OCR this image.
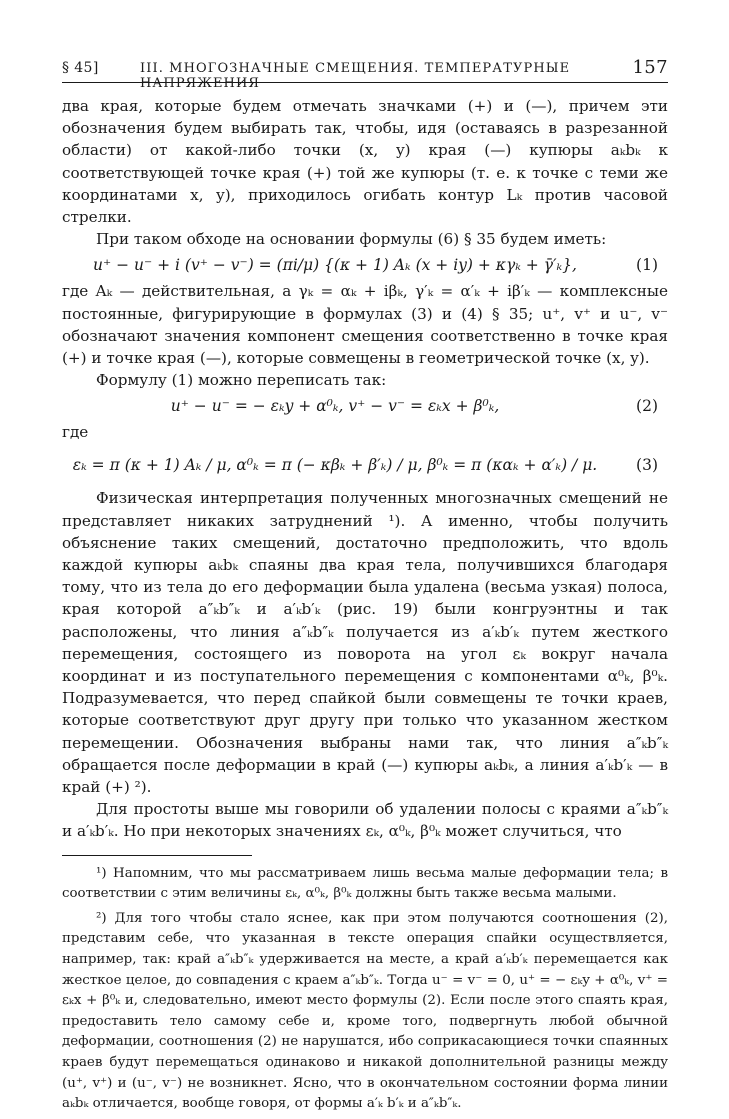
§ 45]	III. МНОГОЗНАЧНЫЕ СМЕЩЕНИЯ. ТЕМПЕРАТУРНЫЕ НАПРЯЖЕНИЯ
157

два края, которые будем отмечать значками (+) и (—), причем эти обозначения будем выбирать так, чтобы, идя (оставаясь в разрезанной области) от какой-либо точки (x, y) края (—) купюры aₖbₖ к соответствующей точке края (+) той же купюры (т. е. к точке с теми же координатами x, y), приходилось огибать контур Lₖ против часовой стрелки.

При таком обходе на основании формулы (6) § 35 будем иметь:

u⁺ − u⁻ + i (v⁺ − v⁻) = (πi/μ) {(κ + 1) Aₖ (x + iy) + κγₖ + γ̄′ₖ},	(1)

где Aₖ — действительная, а γₖ = αₖ + iβₖ, γ′ₖ = α′ₖ + iβ′ₖ — комплексные постоянные, фигурирующие в формулах (3) и (4) § 35; u⁺, v⁺ и u⁻, v⁻ обозначают значения компонент смещения соответственно в точке края (+) и точке края (—), которые совмещены в геометрической точке (x, y).

Формулу (1) можно переписать так:

u⁺ − u⁻ = − εₖy + α⁰ₖ, v⁺ − v⁻ = εₖx + β⁰ₖ,	(2)
где
εₖ = π (κ + 1) Aₖ / μ, α⁰ₖ = π (− κβₖ + β′ₖ) / μ, β⁰ₖ = π (καₖ + α′ₖ) / μ.	(3)

Физическая интерпретация полученных многозначных смещений не представляет никаких затруднений ¹). А именно, чтобы получить объяснение таких смещений, достаточно предположить, что вдоль каждой купюры aₖbₖ спаяны два края тела, получившихся благодаря тому, что из тела до его деформации была удалена (весьма узкая) полоса, края которой a″ₖb″ₖ и a′ₖb′ₖ (рис. 19) были конгруэнтны и так расположены, что линия a″ₖb″ₖ получается из a′ₖb′ₖ путем жесткого перемещения, состоящего из поворота на угол εₖ вокруг начала координат и из поступательного перемещения с компонентами α⁰ₖ, β⁰ₖ. Подразумевается, что перед спайкой были совмещены те точки краев, которые соответствуют друг другу при только что указанном жестком перемещении. Обозначения выбраны нами так, что линия a″ₖb″ₖ обращается после деформации в край (—) купюры aₖbₖ, а линия a′ₖb′ₖ — в край (+) ²).

Для простоты выше мы говорили об удалении полосы с краями a″ₖb″ₖ и a′ₖb′ₖ. Но при некоторых значениях εₖ, α⁰ₖ, β⁰ₖ может случиться, что

¹) Напомним, что мы рассматриваем лишь весьма малые деформации тела; в соответствии с этим величины εₖ, α⁰ₖ, β⁰ₖ должны быть также весьма малыми.

²) Для того чтобы стало яснее, как при этом получаются соотношения (2), представим себе, что указанная в тексте операция спайки осуществляется, например, так: край a″ₖb″ₖ удерживается на месте, а край a′ₖb′ₖ перемещается как жесткое целое, до совпадения с краем a″ₖb″ₖ. Тогда u⁻ = v⁻ = 0, u⁺ = − εₖy + α⁰ₖ, v⁺ = εₖx + β⁰ₖ и, следовательно, имеют место формулы (2). Если после этого спаять края, предоставить тело самому себе и, кроме того, подвергнуть любой обычной деформации, соотношения (2) не нарушатся, ибо соприкасающиеся точки спаянных краев будут перемещаться одинаково и никакой дополнительной разницы между (u⁺, v⁺) и (u⁻, v⁻) не возникнет. Ясно, что в окончательном состоянии форма линии aₖbₖ отличается, вообще говоря, от формы a′ₖ b′ₖ и a″ₖb″ₖ.
